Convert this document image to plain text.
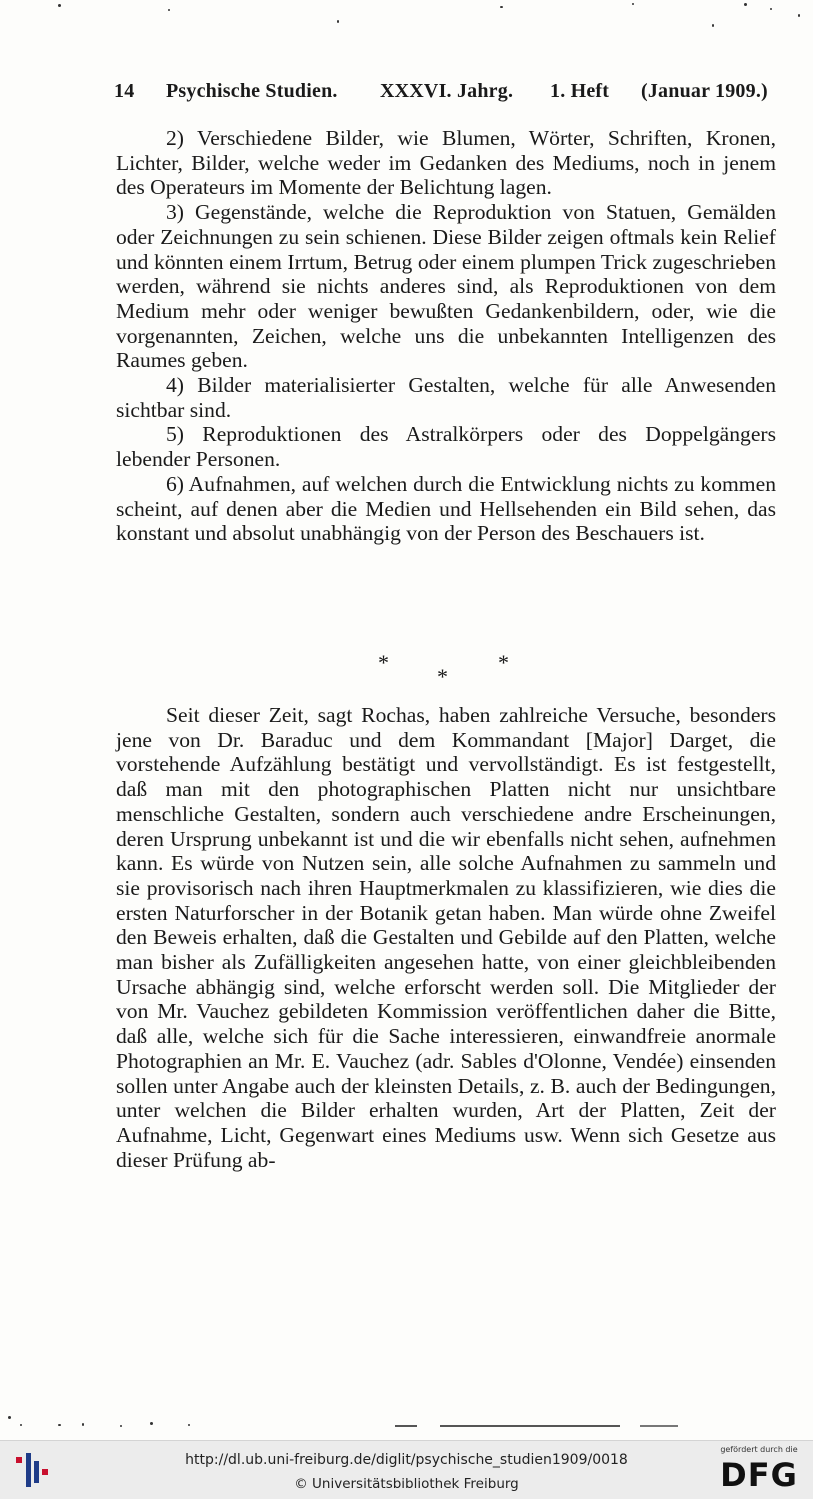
14 Psychische Studien. XXXVI. Jahrg. 1. Heft (Januar 1909.)

2) Verschiedene Bilder, wie Blumen, Wörter, Schriften, Kronen, Lichter, Bilder, welche weder im Gedanken des Mediums, noch in jenem des Operateurs im Momente der Belichtung lagen.

3) Gegenstände, welche die Reproduktion von Statuen, Gemälden oder Zeichnungen zu sein schienen. Diese Bilder zeigen oftmals kein Relief und könnten einem Irrtum, Betrug oder einem plumpen Trick zugeschrieben werden, während sie nichts anderes sind, als Reproduktionen von dem Medium mehr oder weniger bewußten Gedankenbildern, oder, wie die vorgenannten, Zeichen, welche uns die unbekannten Intelligenzen des Raumes geben.

4) Bilder materialisierter Gestalten, welche für alle Anwesenden sichtbar sind.

5) Reproduktionen des Astralkörpers oder des Doppelgängers lebender Personen.

6) Aufnahmen, auf welchen durch die Entwicklung nichts zu kommen scheint, auf denen aber die Medien und Hellsehenden ein Bild sehen, das konstant und absolut unabhängig von der Person des Beschauers ist.

*	*
*

Seit dieser Zeit, sagt Rochas, haben zahlreiche Versuche, besonders jene von Dr. Baraduc und dem Kommandant [Major] Darget, die vorstehende Aufzählung bestätigt und vervollständigt. Es ist festgestellt, daß man mit den photographischen Platten nicht nur unsichtbare menschliche Gestalten, sondern auch verschiedene andre Erscheinungen, deren Ursprung unbekannt ist und die wir ebenfalls nicht sehen, aufnehmen kann. Es würde von Nutzen sein, alle solche Aufnahmen zu sammeln und sie provisorisch nach ihren Hauptmerkmalen zu klassifizieren, wie dies die ersten Naturforscher in der Botanik getan haben. Man würde ohne Zweifel den Beweis erhalten, daß die Gestalten und Gebilde auf den Platten, welche man bisher als Zufälligkeiten angesehen hatte, von einer gleichbleibenden Ursache abhängig sind, welche erforscht werden soll. Die Mitglieder der von Mr. Vauchez gebildeten Kommission veröffentlichen daher die Bitte, daß alle, welche sich für die Sache interessieren, einwandfreie anormale Photographien an Mr. E. Vauchez (adr. Sables d'Olonne, Vendée) einsenden sollen unter Angabe auch der kleinsten Details, z. B. auch der Bedingungen, unter welchen die Bilder erhalten wurden, Art der Platten, Zeit der Aufnahme, Licht, Gegenwart eines Mediums usw. Wenn sich Gesetze aus dieser Prüfung ab-

http://dl.ub.uni-freiburg.de/diglit/psychische_studien1909/0018
© Universitätsbibliothek Freiburg
gefördert durch die
DFG
